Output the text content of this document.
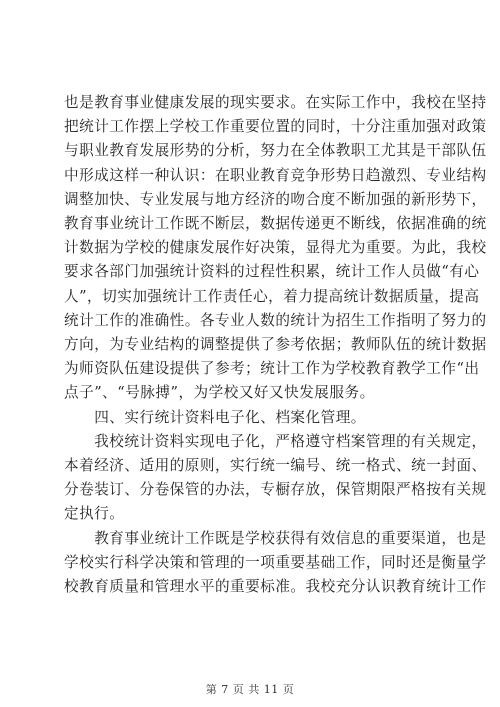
也是教育事业健康发展的现实要求。在实际工作中，我校在坚持
把统计工作摆上学校工作重要位置的同时，十分注重加强对政策
与职业教育发展形势的分析，努力在全体教职工尤其是干部队伍
中形成这样一种认识：在职业教育竞争形势日趋激烈、专业结构
调整加快、专业发展与地方经济的吻合度不断加强的新形势下，
教育事业统计工作既不断层，数据传递更不断线，依据准确的统
计数据为学校的健康发展作好决策，显得尤为重要。为此，我校
要求各部门加强统计资料的过程性积累，统计工作人员做“有心
人”，切实加强统计工作责任心，着力提高统计数据质量，提高
统计工作的准确性。各专业人数的统计为招生工作指明了努力的
方向，为专业结构的调整提供了参考依据；教师队伍的统计数据
为师资队伍建设提供了参考；统计工作为学校教育教学工作“出
点子”、“号脉搏”，为学校又好又快发展服务。

　　四、实行统计资料电子化、档案化管理。

　　我校统计资料实现电子化，严格遵守档案管理的有关规定，
本着经济、适用的原则，实行统一编号、统一格式、统一封面、
分卷装订、分卷保管的办法，专橱存放，保管期限严格按有关规
定执行。

　　教育事业统计工作既是学校获得有效信息的重要渠道，也是
学校实行科学决策和管理的一项重要基础工作，同时还是衡量学
校教育质量和管理水平的重要标准。我校充分认识教育统计工作

第 7 页 共 11 页
